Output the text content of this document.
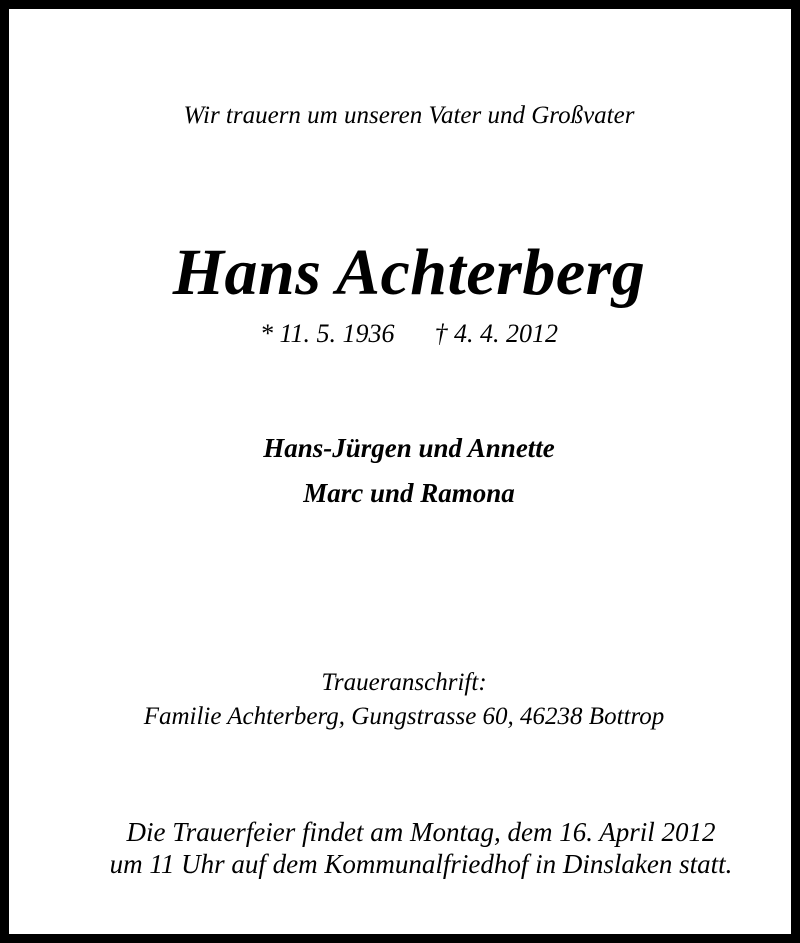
Wir trauern um unseren Vater und Großvater
Hans Achterberg
* 11. 5. 1936 † 4. 4. 2012
Hans-Jürgen und Annette
Marc und Ramona
Traueranschrift:
Familie Achterberg, Gungstrasse 60, 46238 Bottrop
Die Trauerfeier findet am Montag, dem 16. April 2012
um 11 Uhr auf dem Kommunalfriedhof in Dinslaken statt.
